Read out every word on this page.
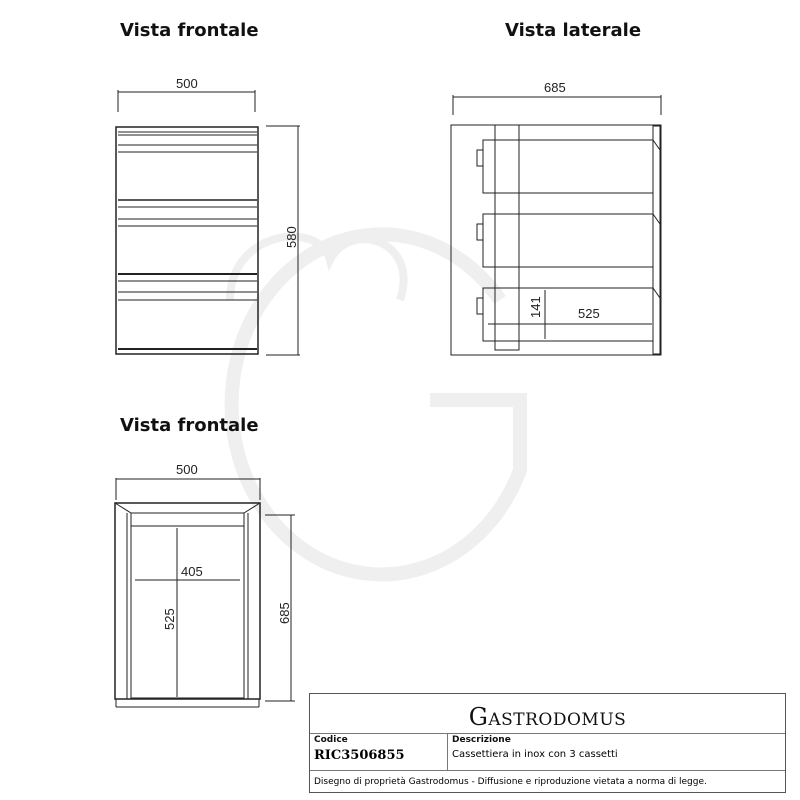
Vista frontale	Vista laterale
Vista frontale
500
580
685
141	525
500
405
525	685
GASTRODOMUS
Codice
RIC3506855
Descrizione
Cassettiera in inox con 3 cassetti
Disegno di proprietà Gastrodomus - Diffusione e riproduzione vietata a norma di legge.
